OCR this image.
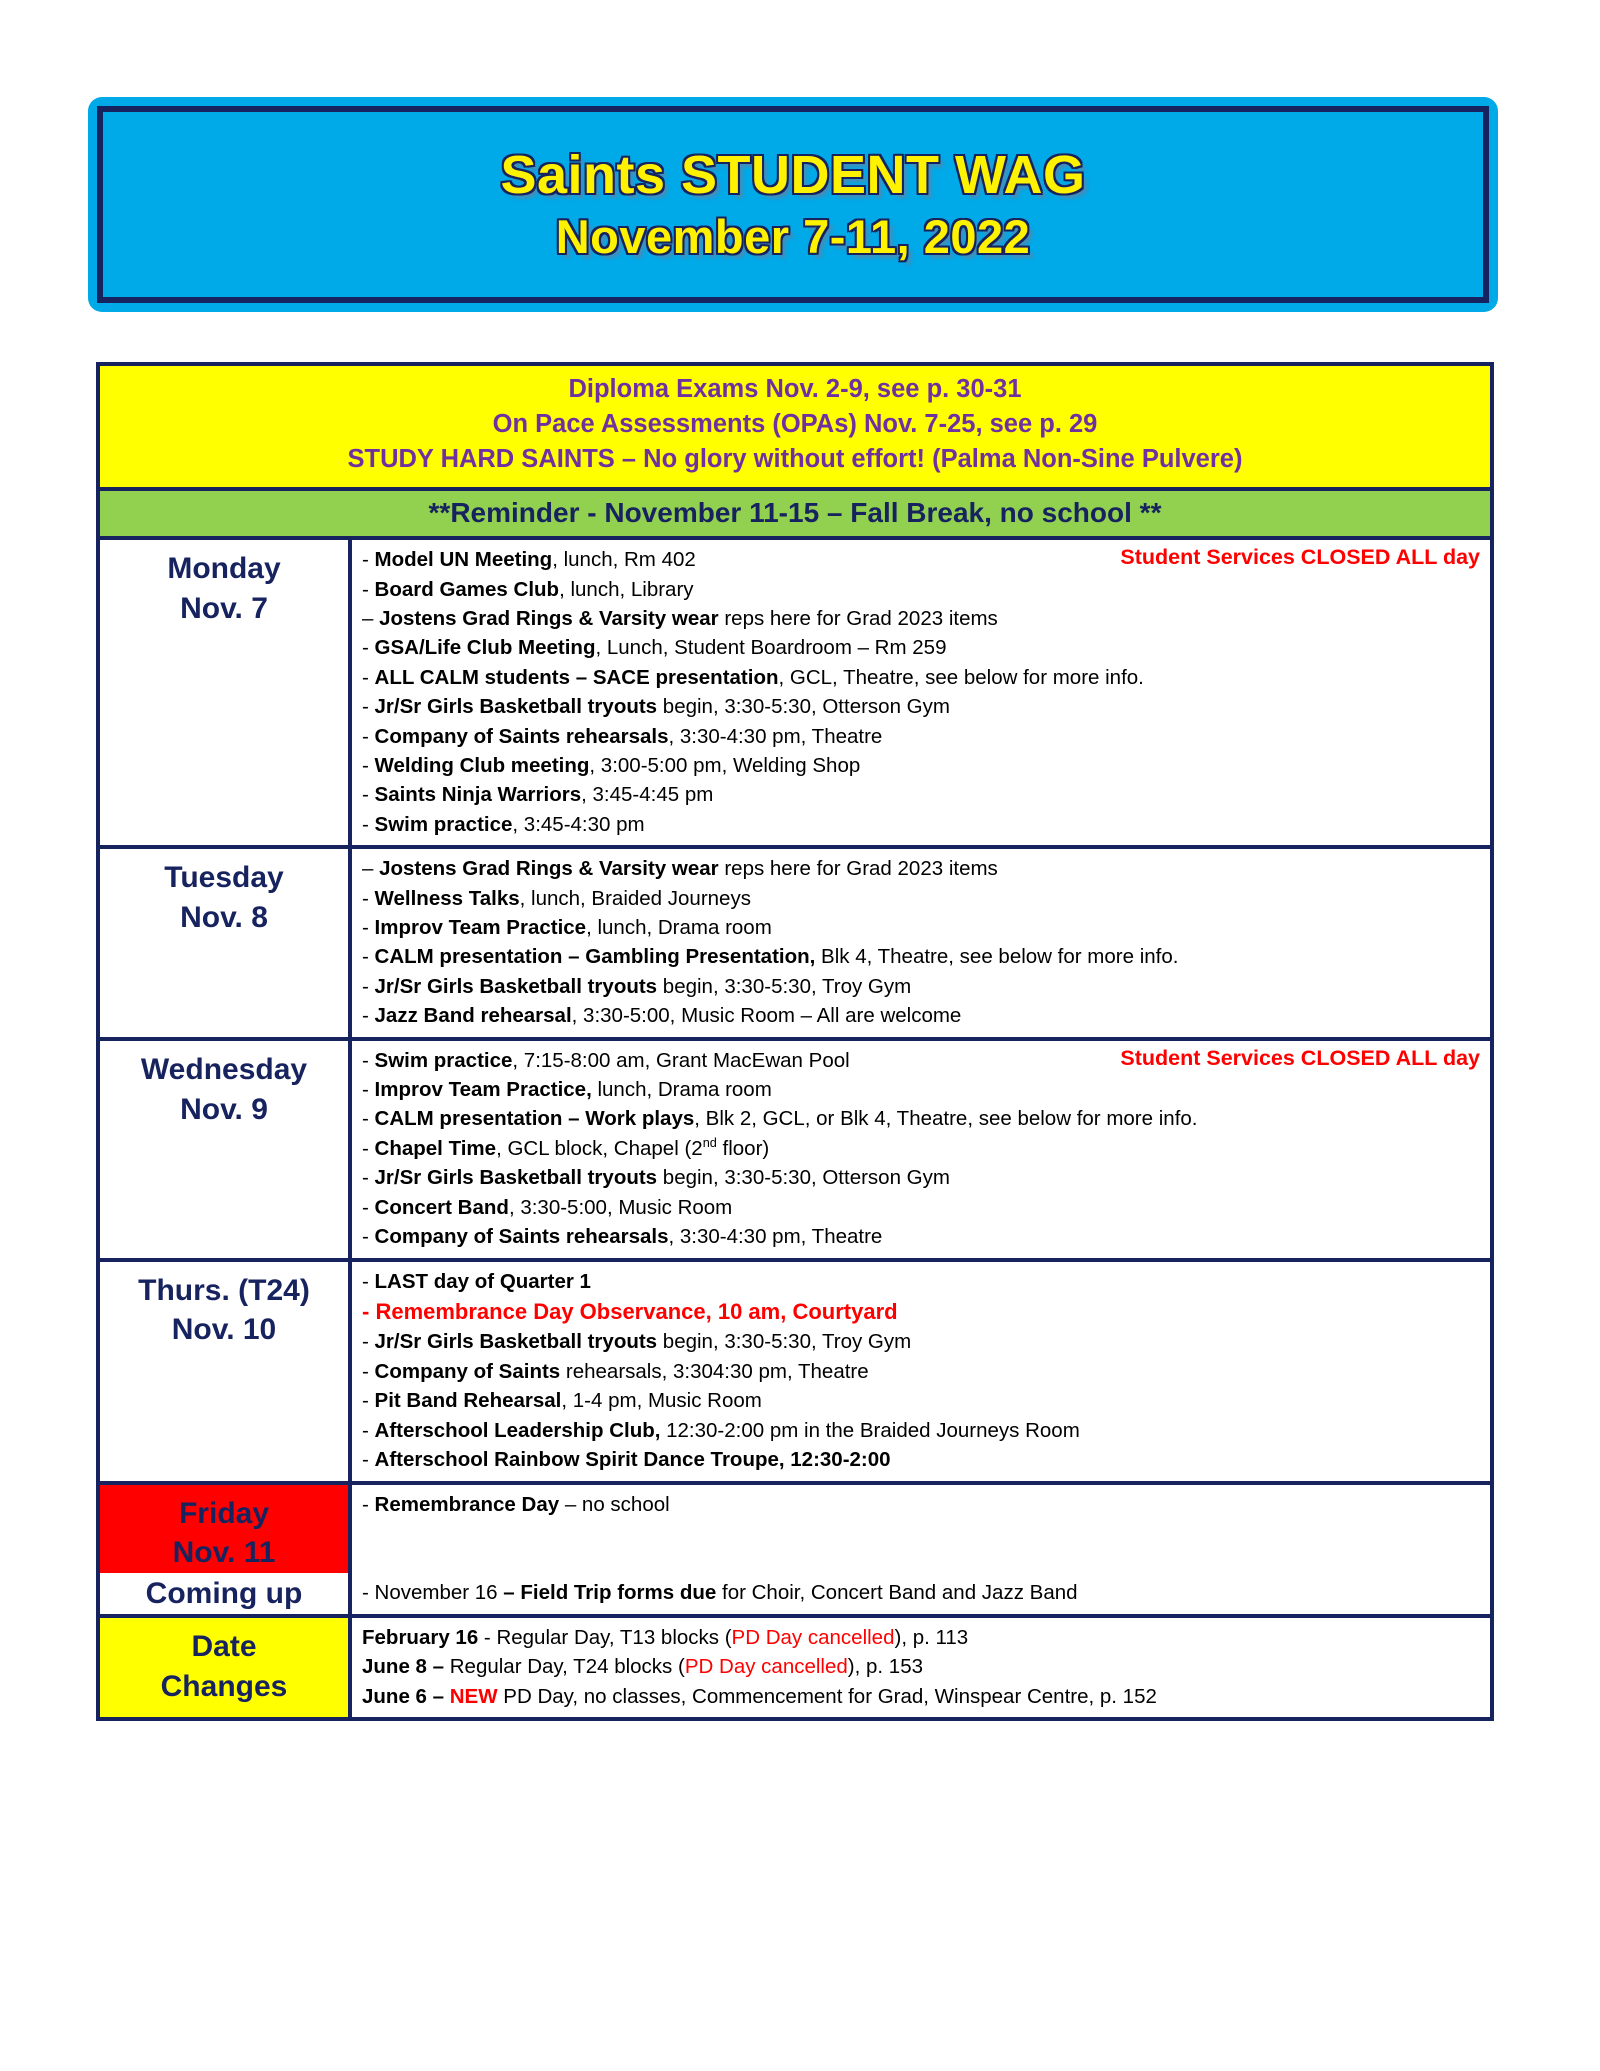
Saints STUDENT WAG
November 7-11, 2022
Diploma Exams Nov. 2-9, see p. 30-31
On Pace Assessments (OPAs) Nov. 7-25, see p. 29
STUDY HARD SAINTS – No glory without effort! (Palma Non-Sine Pulvere)
**Reminder - November 11-15 – Fall Break, no school **
Monday
Nov. 7
Student Services CLOSED ALL day
- Model UN Meeting, lunch, Rm 402
- Board Games Club, lunch, Library
– Jostens Grad Rings & Varsity wear reps here for Grad 2023 items
- GSA/Life Club Meeting, Lunch, Student Boardroom – Rm 259
- ALL CALM students – SACE presentation, GCL, Theatre, see below for more info.
- Jr/Sr Girls Basketball tryouts begin, 3:30-5:30, Otterson Gym
- Company of Saints rehearsals, 3:30-4:30 pm, Theatre
- Welding Club meeting, 3:00-5:00 pm, Welding Shop
- Saints Ninja Warriors, 3:45-4:45 pm
- Swim practice, 3:45-4:30 pm
Tuesday
Nov. 8
– Jostens Grad Rings & Varsity wear reps here for Grad 2023 items
- Wellness Talks, lunch, Braided Journeys
- Improv Team Practice, lunch, Drama room
- CALM presentation – Gambling Presentation, Blk 4, Theatre, see below for more info.
- Jr/Sr Girls Basketball tryouts begin, 3:30-5:30, Troy Gym
- Jazz Band rehearsal, 3:30-5:00, Music Room – All are welcome
Wednesday
Nov. 9
Student Services CLOSED ALL day
- Swim practice, 7:15-8:00 am, Grant MacEwan Pool
- Improv Team Practice, lunch, Drama room
- CALM presentation – Work plays, Blk 2, GCL, or Blk 4, Theatre, see below for more info.
- Chapel Time, GCL block, Chapel (2nd floor)
- Jr/Sr Girls Basketball tryouts begin, 3:30-5:30, Otterson Gym
- Concert Band, 3:30-5:00, Music Room
- Company of Saints rehearsals, 3:30-4:30 pm, Theatre
Thurs. (T24)
Nov. 10
- LAST day of Quarter 1
- Remembrance Day Observance, 10 am, Courtyard
- Jr/Sr Girls Basketball tryouts begin, 3:30-5:30, Troy Gym
- Company of Saints rehearsals, 3:304:30 pm, Theatre
- Pit Band Rehearsal, 1-4 pm, Music Room
- Afterschool Leadership Club, 12:30-2:00 pm in the Braided Journeys Room
- Afterschool Rainbow Spirit Dance Troupe, 12:30-2:00
Friday
Nov. 11
- Remembrance Day – no school
Coming up	- November 16 – Field Trip forms due for Choir, Concert Band and Jazz Band
Date
Changes
February 16 - Regular Day, T13 blocks (PD Day cancelled), p. 113
June 8 – Regular Day, T24 blocks (PD Day cancelled), p. 153
June 6 – NEW PD Day, no classes, Commencement for Grad, Winspear Centre, p. 152
